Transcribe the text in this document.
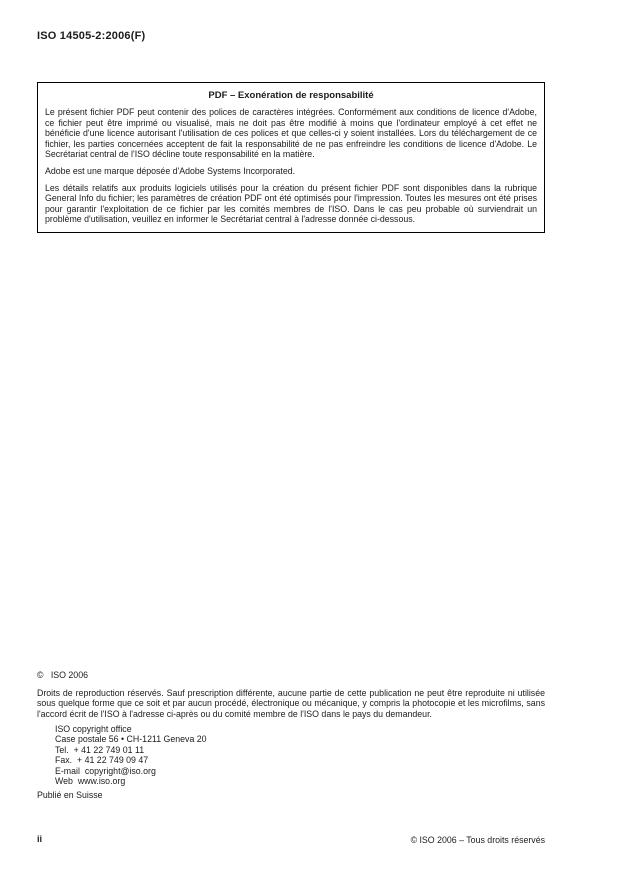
ISO 14505-2:2006(F)
PDF – Exonération de responsabilité

Le présent fichier PDF peut contenir des polices de caractères intégrées. Conformément aux conditions de licence d'Adobe, ce fichier peut être imprimé ou visualisé, mais ne doit pas être modifié à moins que l'ordinateur employé à cet effet ne bénéficie d'une licence autorisant l'utilisation de ces polices et que celles-ci y soient installées. Lors du téléchargement de ce fichier, les parties concernées acceptent de fait la responsabilité de ne pas enfreindre les conditions de licence d'Adobe. Le Secrétariat central de l'ISO décline toute responsabilité en la matière.

Adobe est une marque déposée d'Adobe Systems Incorporated.

Les détails relatifs aux produits logiciels utilisés pour la création du présent fichier PDF sont disponibles dans la rubrique General Info du fichier; les paramètres de création PDF ont été optimisés pour l'impression. Toutes les mesures ont été prises pour garantir l'exploitation de ce fichier par les comités membres de l'ISO. Dans le cas peu probable où surviendrait un problème d'utilisation, veuillez en informer le Secrétariat central à l'adresse donnée ci-dessous.

©   ISO 2006

Droits de reproduction réservés. Sauf prescription différente, aucune partie de cette publication ne peut être reproduite ni utilisée sous quelque forme que ce soit et par aucun procédé, électronique ou mécanique, y compris la photocopie et les microfilms, sans l'accord écrit de l'ISO à l'adresse ci-après ou du comité membre de l'ISO dans le pays du demandeur.

ISO copyright office
Case postale 56 • CH-1211 Geneva 20
Tel.  + 41 22 749 01 11
Fax.  + 41 22 749 09 47
E-mail  copyright@iso.org
Web  www.iso.org
Publié en Suisse
ii	© ISO 2006 – Tous droits réservés
